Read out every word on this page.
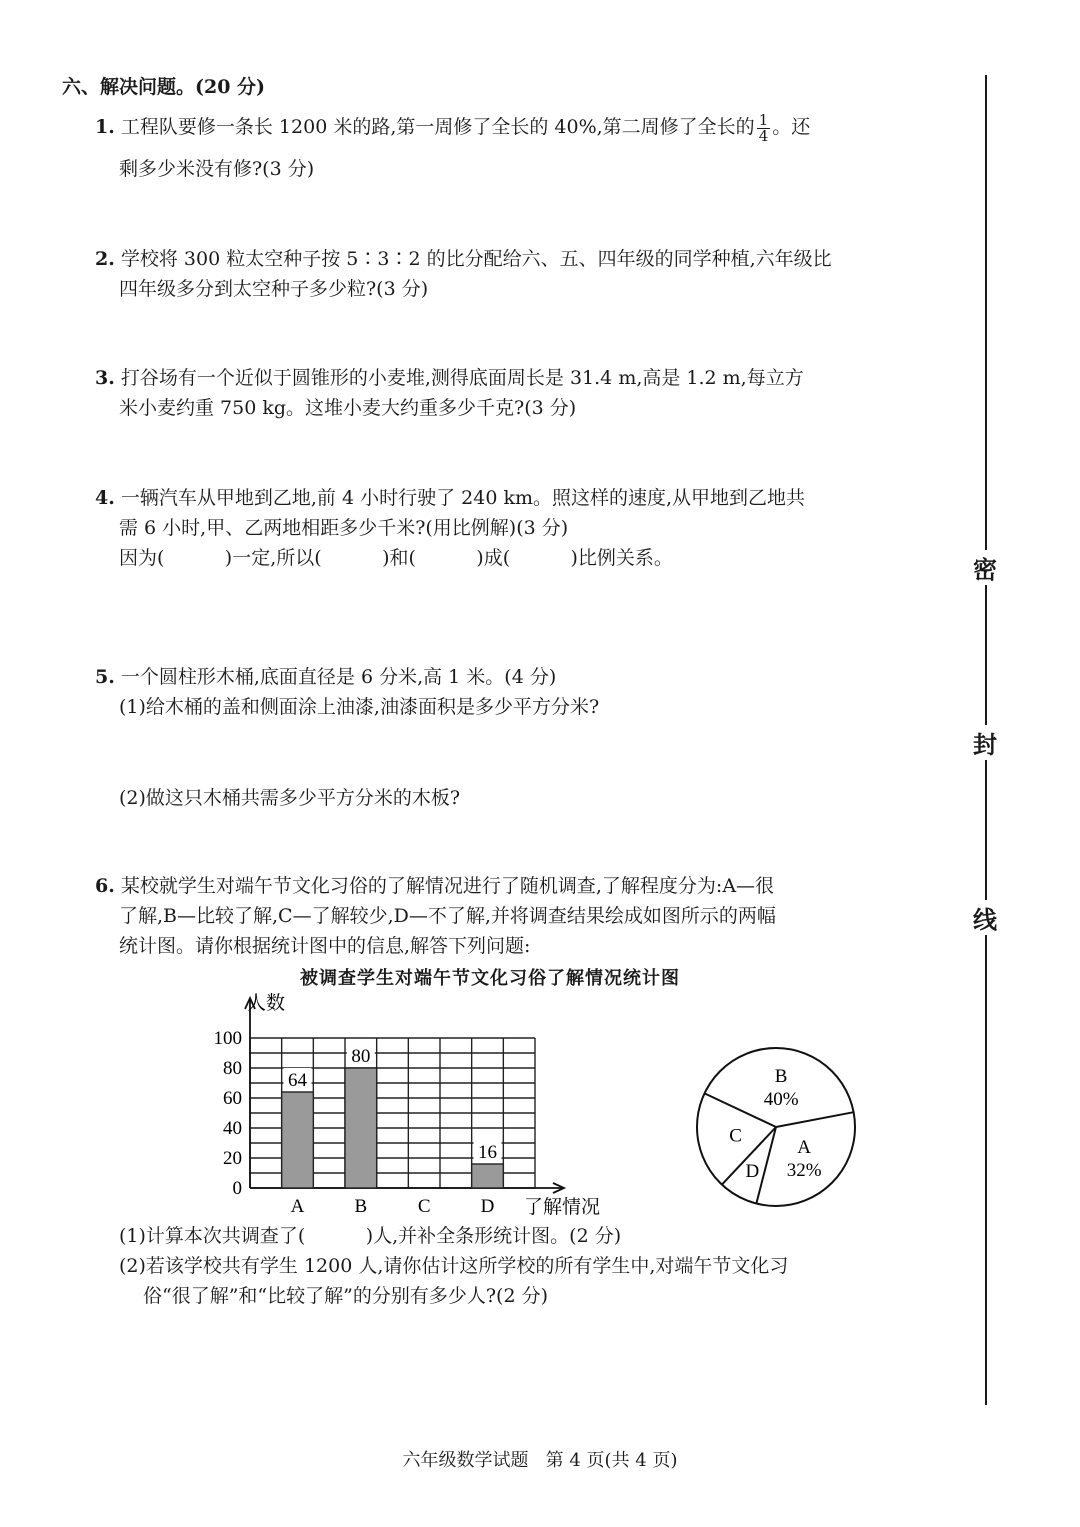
六、解决问题。(20 分)
1. 工程队要修一条长 1200 米的路,第一周修了全长的 40%,第二周修了全长的 $\frac{1}{4}$ 。还
剩多少米没有修?(3 分)
2. 学校将 300 粒太空种子按 5∶3∶2 的比分配给六、五、四年级的同学种植,六年级比
四年级多分到太空种子多少粒?(3 分)
3. 打谷场有一个近似于圆锥形的小麦堆,测得底面周长是 31.4 m,高是 1.2 m,每立方
米小麦约重 750 kg。这堆小麦大约重多少千克?(3 分)
4. 一辆汽车从甲地到乙地,前 4 小时行驶了 240 km。照这样的速度,从甲地到乙地共
需 6 小时,甲、乙两地相距多少千米?(用比例解)(3 分)
因为(          )一定,所以(          )和(          )成(          )比例关系。
5. 一个圆柱形木桶,底面直径是 6 分米,高 1 米。(4 分)
(1)给木桶的盖和侧面涂上油漆,油漆面积是多少平方分米?
(2)做这只木桶共需多少平方分米的木板?
6. 某校就学生对端午节文化习俗的了解情况进行了随机调查,了解程度分为:A—很
了解,B—比较了解,C—了解较少,D—不了解,并将调查结果绘成如图所示的两幅
统计图。请你根据统计图中的信息,解答下列问题:
被调查学生对端午节文化习俗了解情况统计图
0
20
40
60
80
100
A
64
B
80
C	D
16
人数
了解情况
B
40%
A
32%
D
C
(1)计算本次共调查了(          )人,并补全条形统计图。(2 分)
(2)若该学校共有学生 1200 人,请你估计这所学校的所有学生中,对端午节文化习
俗“很了解”和“比较了解”的分别有多少人?(2 分)
密
封
线
六年级数学试题   第 4 页(共 4 页)
